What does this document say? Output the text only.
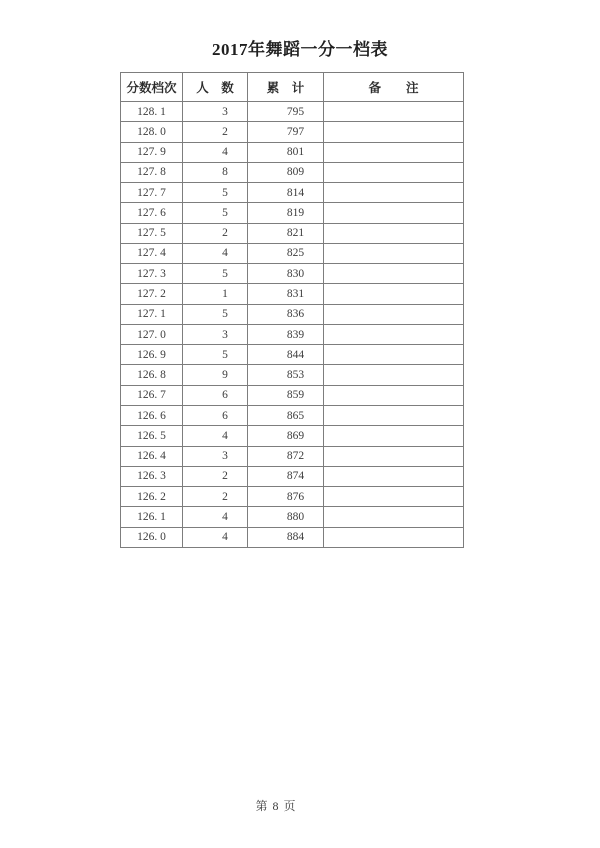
2017年舞蹈一分一档表
分数档次	人　数	累　计	备　　注
128. 1	3	795	
128. 0	2	797	
127. 9	4	801	
127. 8	8	809	
127. 7	5	814	
127. 6	5	819	
127. 5	2	821	
127. 4	4	825	
127. 3	5	830	
127. 2	1	831	
127. 1	5	836	
127. 0	3	839	
126. 9	5	844	
126. 8	9	853	
126. 7	6	859	
126. 6	6	865	
126. 5	4	869	
126. 4	3	872	
126. 3	2	874	
126. 2	2	876	
126. 1	4	880	
126. 0	4	884	
第 8 页
